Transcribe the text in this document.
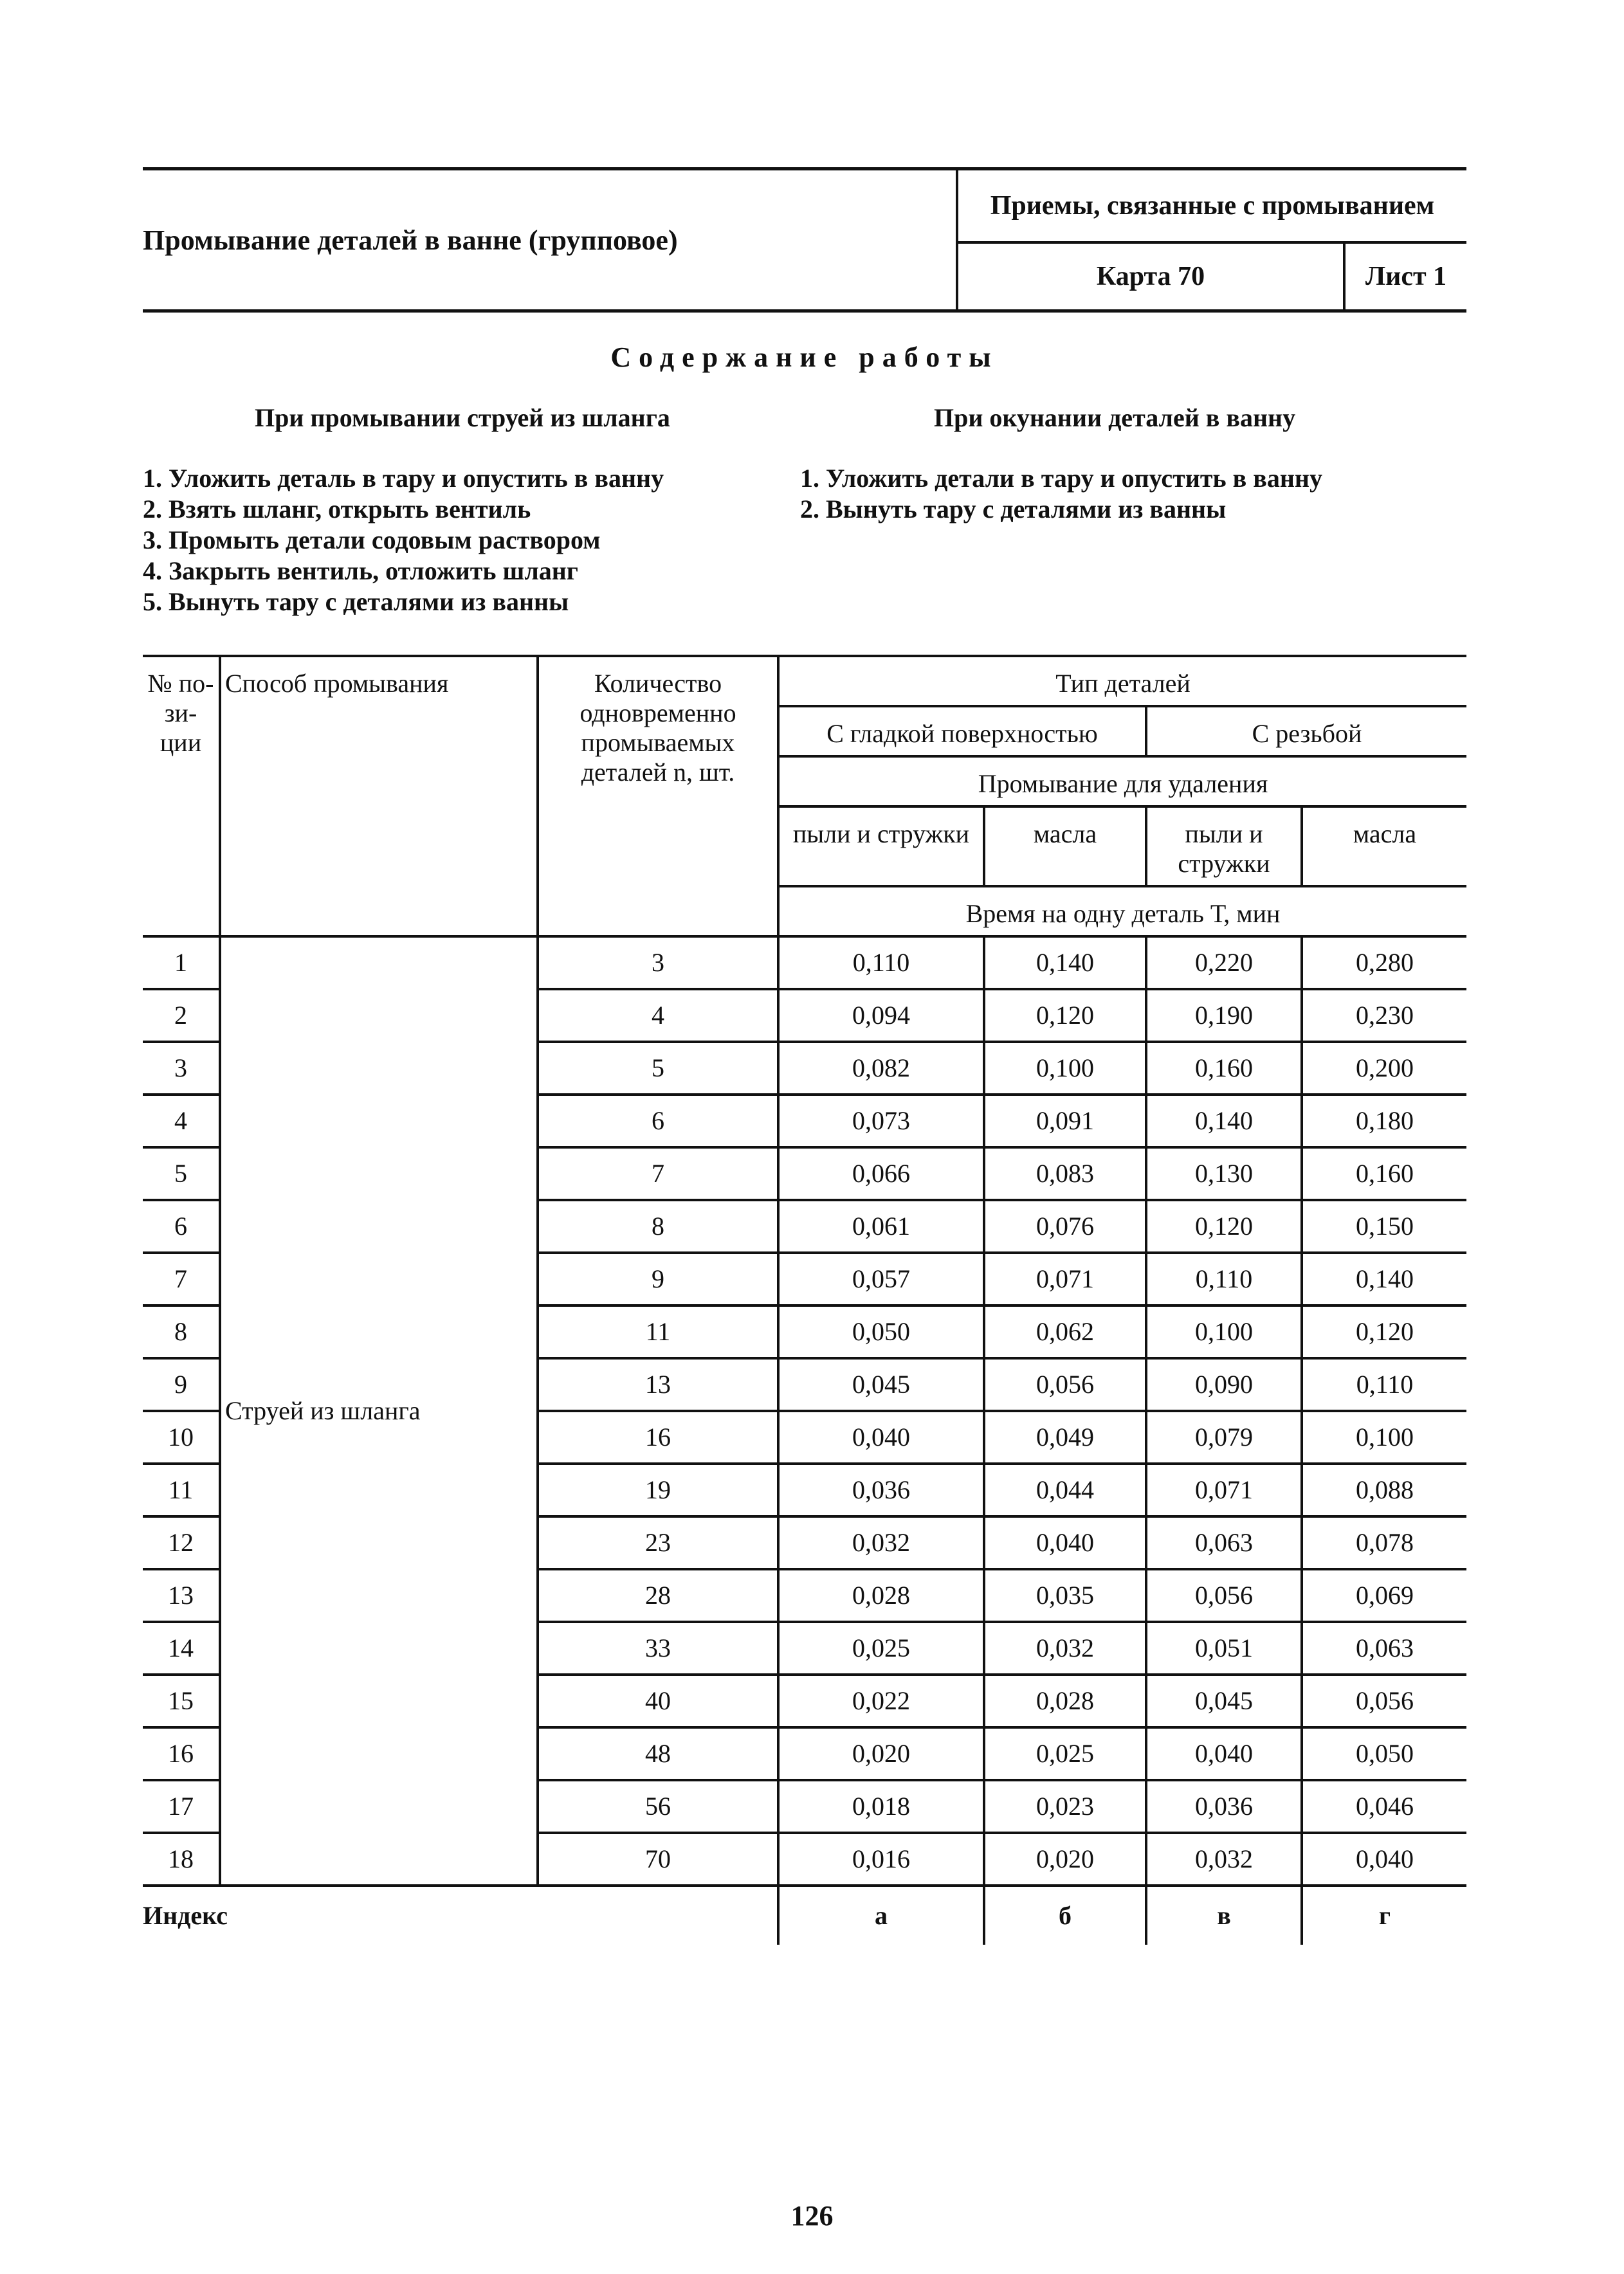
Промывание деталей в ванне (групповое)
Приемы, связанные с промыванием
Карта 70	Лист 1
Содержание работы
При промывании струей из шланга	При окунании деталей в ванну
1. Уложить деталь в тару и опустить в ванну
2. Взять шланг, открыть вентиль
3. Промыть детали содовым раствором
4. Закрыть вентиль, отложить шланг
5. Вынуть тару с деталями из ванны
1. Уложить детали в тару и опустить в ванну
2. Вынуть тару с деталями из ванны
№ по-зи-ции	Способ промывания	Количество одновременно промываемых деталей n, шт.	Тип деталей			
			С гладкой поверхностью		С резьбой	
			Промывание для удаления			
			пыли и стружки	масла	пыли и стружки	масла
			Время на одну деталь Т, мин			
1	Струей из шланга	3	0,110	0,140	0,220	0,280
2		4	0,094	0,120	0,190	0,230
3		5	0,082	0,100	0,160	0,200
4		6	0,073	0,091	0,140	0,180
5		7	0,066	0,083	0,130	0,160
6		8	0,061	0,076	0,120	0,150
7		9	0,057	0,071	0,110	0,140
8		11	0,050	0,062	0,100	0,120
9		13	0,045	0,056	0,090	0,110
10		16	0,040	0,049	0,079	0,100
11		19	0,036	0,044	0,071	0,088
12		23	0,032	0,040	0,063	0,078
13		28	0,028	0,035	0,056	0,069
14		33	0,025	0,032	0,051	0,063
15		40	0,022	0,028	0,045	0,056
16		48	0,020	0,025	0,040	0,050
17		56	0,018	0,023	0,036	0,046
18		70	0,016	0,020	0,032	0,040
Индекс			а	б	в	г
126
